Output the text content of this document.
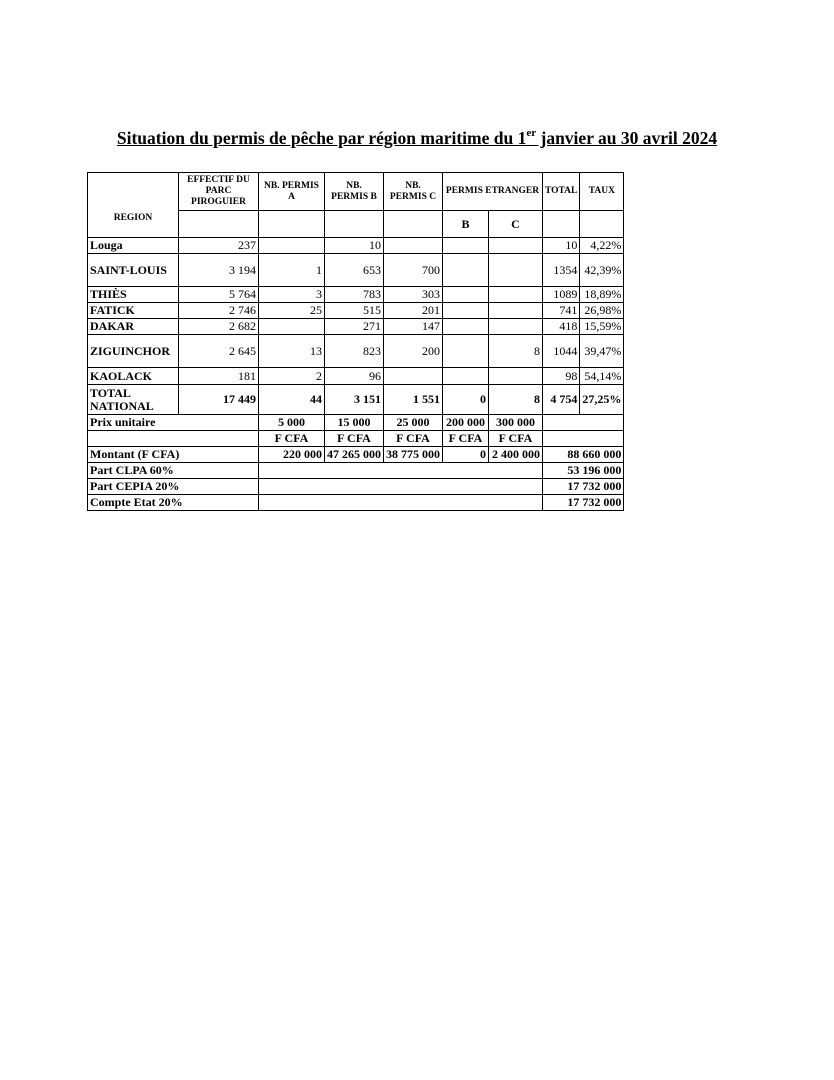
Situation du permis de pêche par région maritime du 1er janvier au 30 avril 2024
	EFFECTIF DU PARC PIROGUIER	NB. PERMIS A	NB. PERMIS B	NB. PERMIS C	PERMIS ETRANGER		TOTAL	TAUX
REGION					B	C		
Louga	237		10				10	4,22%
SAINT-LOUIS	3 194	1	653	700			1354	42,39%
THIÈS	5 764	3	783	303			1089	18,89%
FATICK	2 746	25	515	201			741	26,98%
DAKAR	2 682		271	147			418	15,59%
ZIGUINCHOR	2 645	13	823	200		8	1044	39,47%
KAOLACK	181	2	96				98	54,14%
TOTAL NATIONAL	17 449	44	3 151	1 551	0	8	4 754	27,25%
Prix unitaire		5 000	15 000	25 000	200 000	300 000		
		F CFA	F CFA	F CFA	F CFA	F CFA		
Montant (F CFA)		220 000	47 265 000	38 775 000	0	2 400 000	88 660 000	
Part CLPA 60%							53 196 000	
Part CEPIA 20%							17 732 000	
Compte Etat 20%							17 732 000	
